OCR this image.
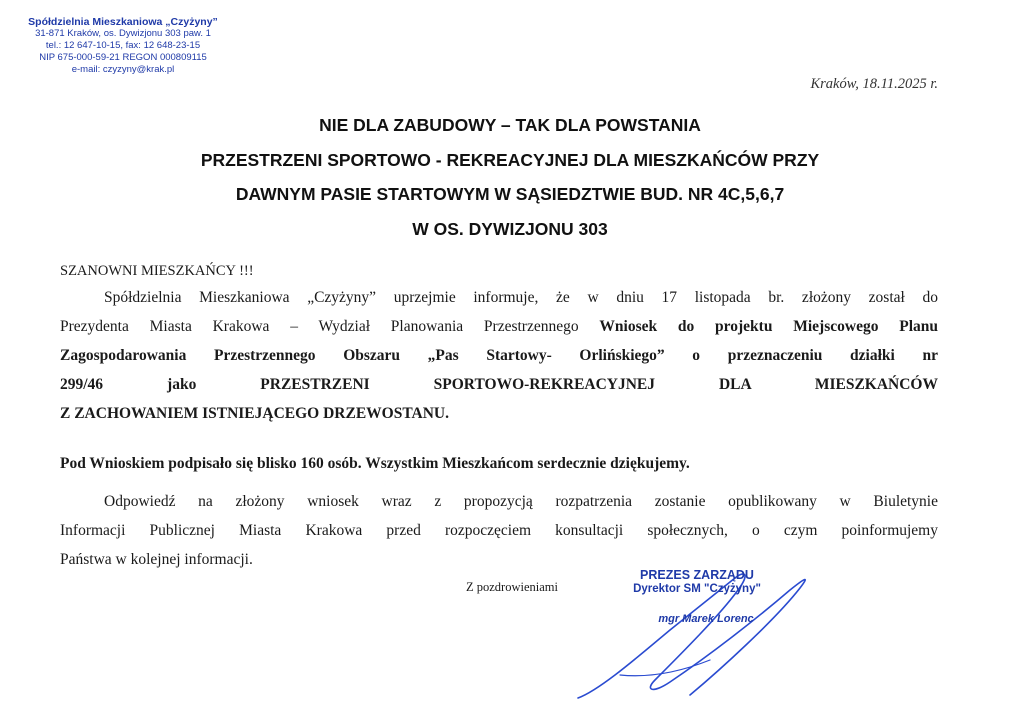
Spółdzielnia Mieszkaniowa „Czyżyny”
31-871 Kraków, os. Dywizjonu 303 paw. 1
tel.: 12 647-10-15, fax: 12 648-23-15
NIP 675-000-59-21 REGON 000809115
e-mail: czyzyny@krak.pl
Kraków, 18.11.2025 r.
NIE DLA ZABUDOWY – TAK DLA POWSTANIA
PRZESTRZENI SPORTOWO - REKREACYJNEJ DLA MIESZKAŃCÓW PRZY
DAWNYM PASIE STARTOWYM W SĄSIEDZTWIE BUD. NR 4C,5,6,7
W OS. DYWIZJONU 303
SZANOWNI MIESZKAŃCY !!!
Spółdzielnia Mieszkaniowa „Czyżyny” uprzejmie informuje, że w dniu 17 listopada br. złożony został do
Prezydenta Miasta Krakowa – Wydział Planowania Przestrzennego Wniosek do projektu Miejscowego Planu
Zagospodarowania Przestrzennego Obszaru „Pas Startowy- Orlińskiego” o przeznaczeniu działki nr
299/46 jako PRZESTRZENI SPORTOWO-REKREACYJNEJ DLA MIESZKAŃCÓW
Z ZACHOWANIEM ISTNIEJĄCEGO DRZEWOSTANU.
Pod Wnioskiem podpisało się blisko 160 osób. Wszystkim Mieszkańcom serdecznie dziękujemy.
Odpowiedź na złożony wniosek wraz z propozycją rozpatrzenia zostanie opublikowany w Biuletynie
Informacji Publicznej Miasta Krakowa przed rozpoczęciem konsultacji społecznych, o czym poinformujemy
Państwa w kolejnej informacji.
Z pozdrowieniami
PREZES ZARZĄDU
Dyrektor SM "Czyżyny"
mgr Marek Lorenc
